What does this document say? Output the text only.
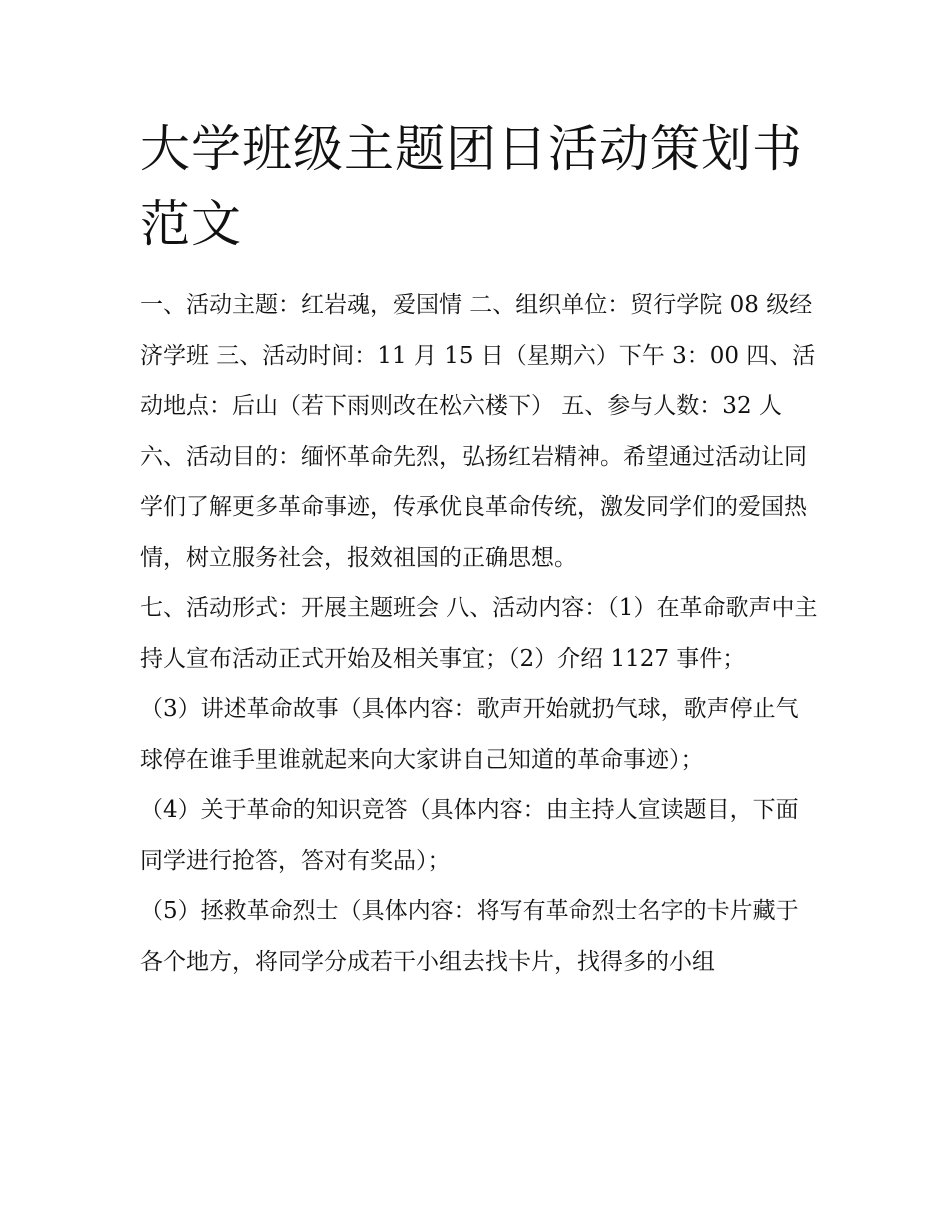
大学班级主题团日活动策划书范文

一、活动主题：红岩魂，爱国情 二、组织单位：贸行学院 08 级经济学班 三、活动时间：11 月 15 日（星期六）下午 3：00 四、活动地点：后山（若下雨则改在松六楼下） 五、参与人数：32 人

六、活动目的：缅怀革命先烈，弘扬红岩精神。希望通过活动让同学们了解更多革命事迹，传承优良革命传统，激发同学们的爱国热情，树立服务社会，报效祖国的正确思想。

七、活动形式：开展主题班会 八、活动内容：（1）在革命歌声中主持人宣布活动正式开始及相关事宜；（2）介绍 1127 事件；

（3）讲述革命故事（具体内容：歌声开始就扔气球，歌声停止气球停在谁手里谁就起来向大家讲自己知道的革命事迹）；

（4）关于革命的知识竞答（具体内容：由主持人宣读题目，下面同学进行抢答，答对有奖品）；

（5）拯救革命烈士（具体内容：将写有革命烈士名字的卡片藏于各个地方，将同学分成若干小组去找卡片，找得多的小组
